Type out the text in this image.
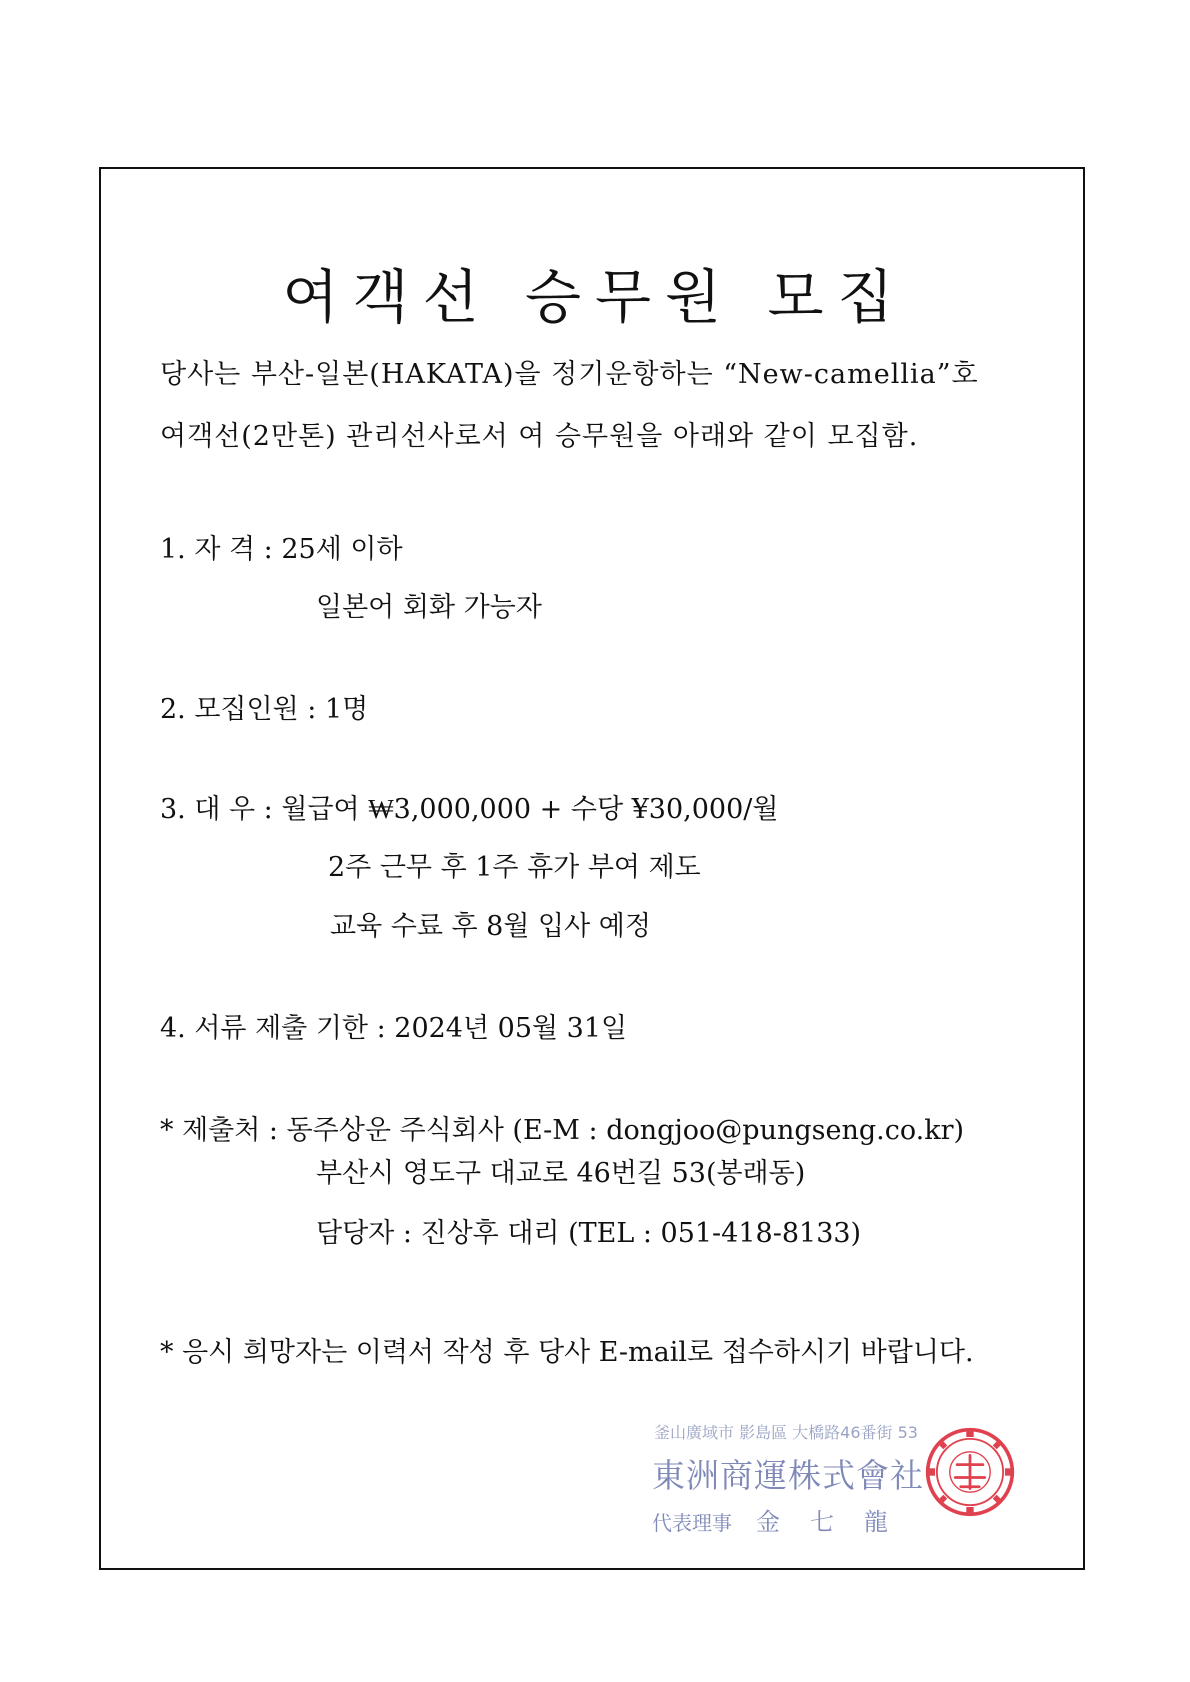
여객선 승무원 모집

당사는 부산-일본(HAKATA)을 정기운항하는 “New-camellia”호

여객선(2만톤) 관리선사로서 여 승무원을 아래와 같이 모집함.

1. 자 격 : 25세 이하

일본어 회화 가능자

2. 모집인원 : 1명

3. 대 우 : 월급여 ₩3,000,000 + 수당 ¥30,000/월

2주 근무 후 1주 휴가 부여 제도

교육 수료 후 8월 입사 예정

4. 서류 제출 기한 : 2024년 05월 31일

* 제출처 : 동주상운 주식회사 (E-M : dongjoo@pungseng.co.kr)

부산시 영도구 대교로 46번길 53(봉래동)

담당자 : 진상후 대리 (TEL : 051-418-8133)

* 응시 희망자는 이력서 작성 후 당사 E-mail로 접수하시기 바랍니다.

釜山廣域市 影島區 大橋路46番街 53
東洲商運株式會社
代表理事 金七龍
